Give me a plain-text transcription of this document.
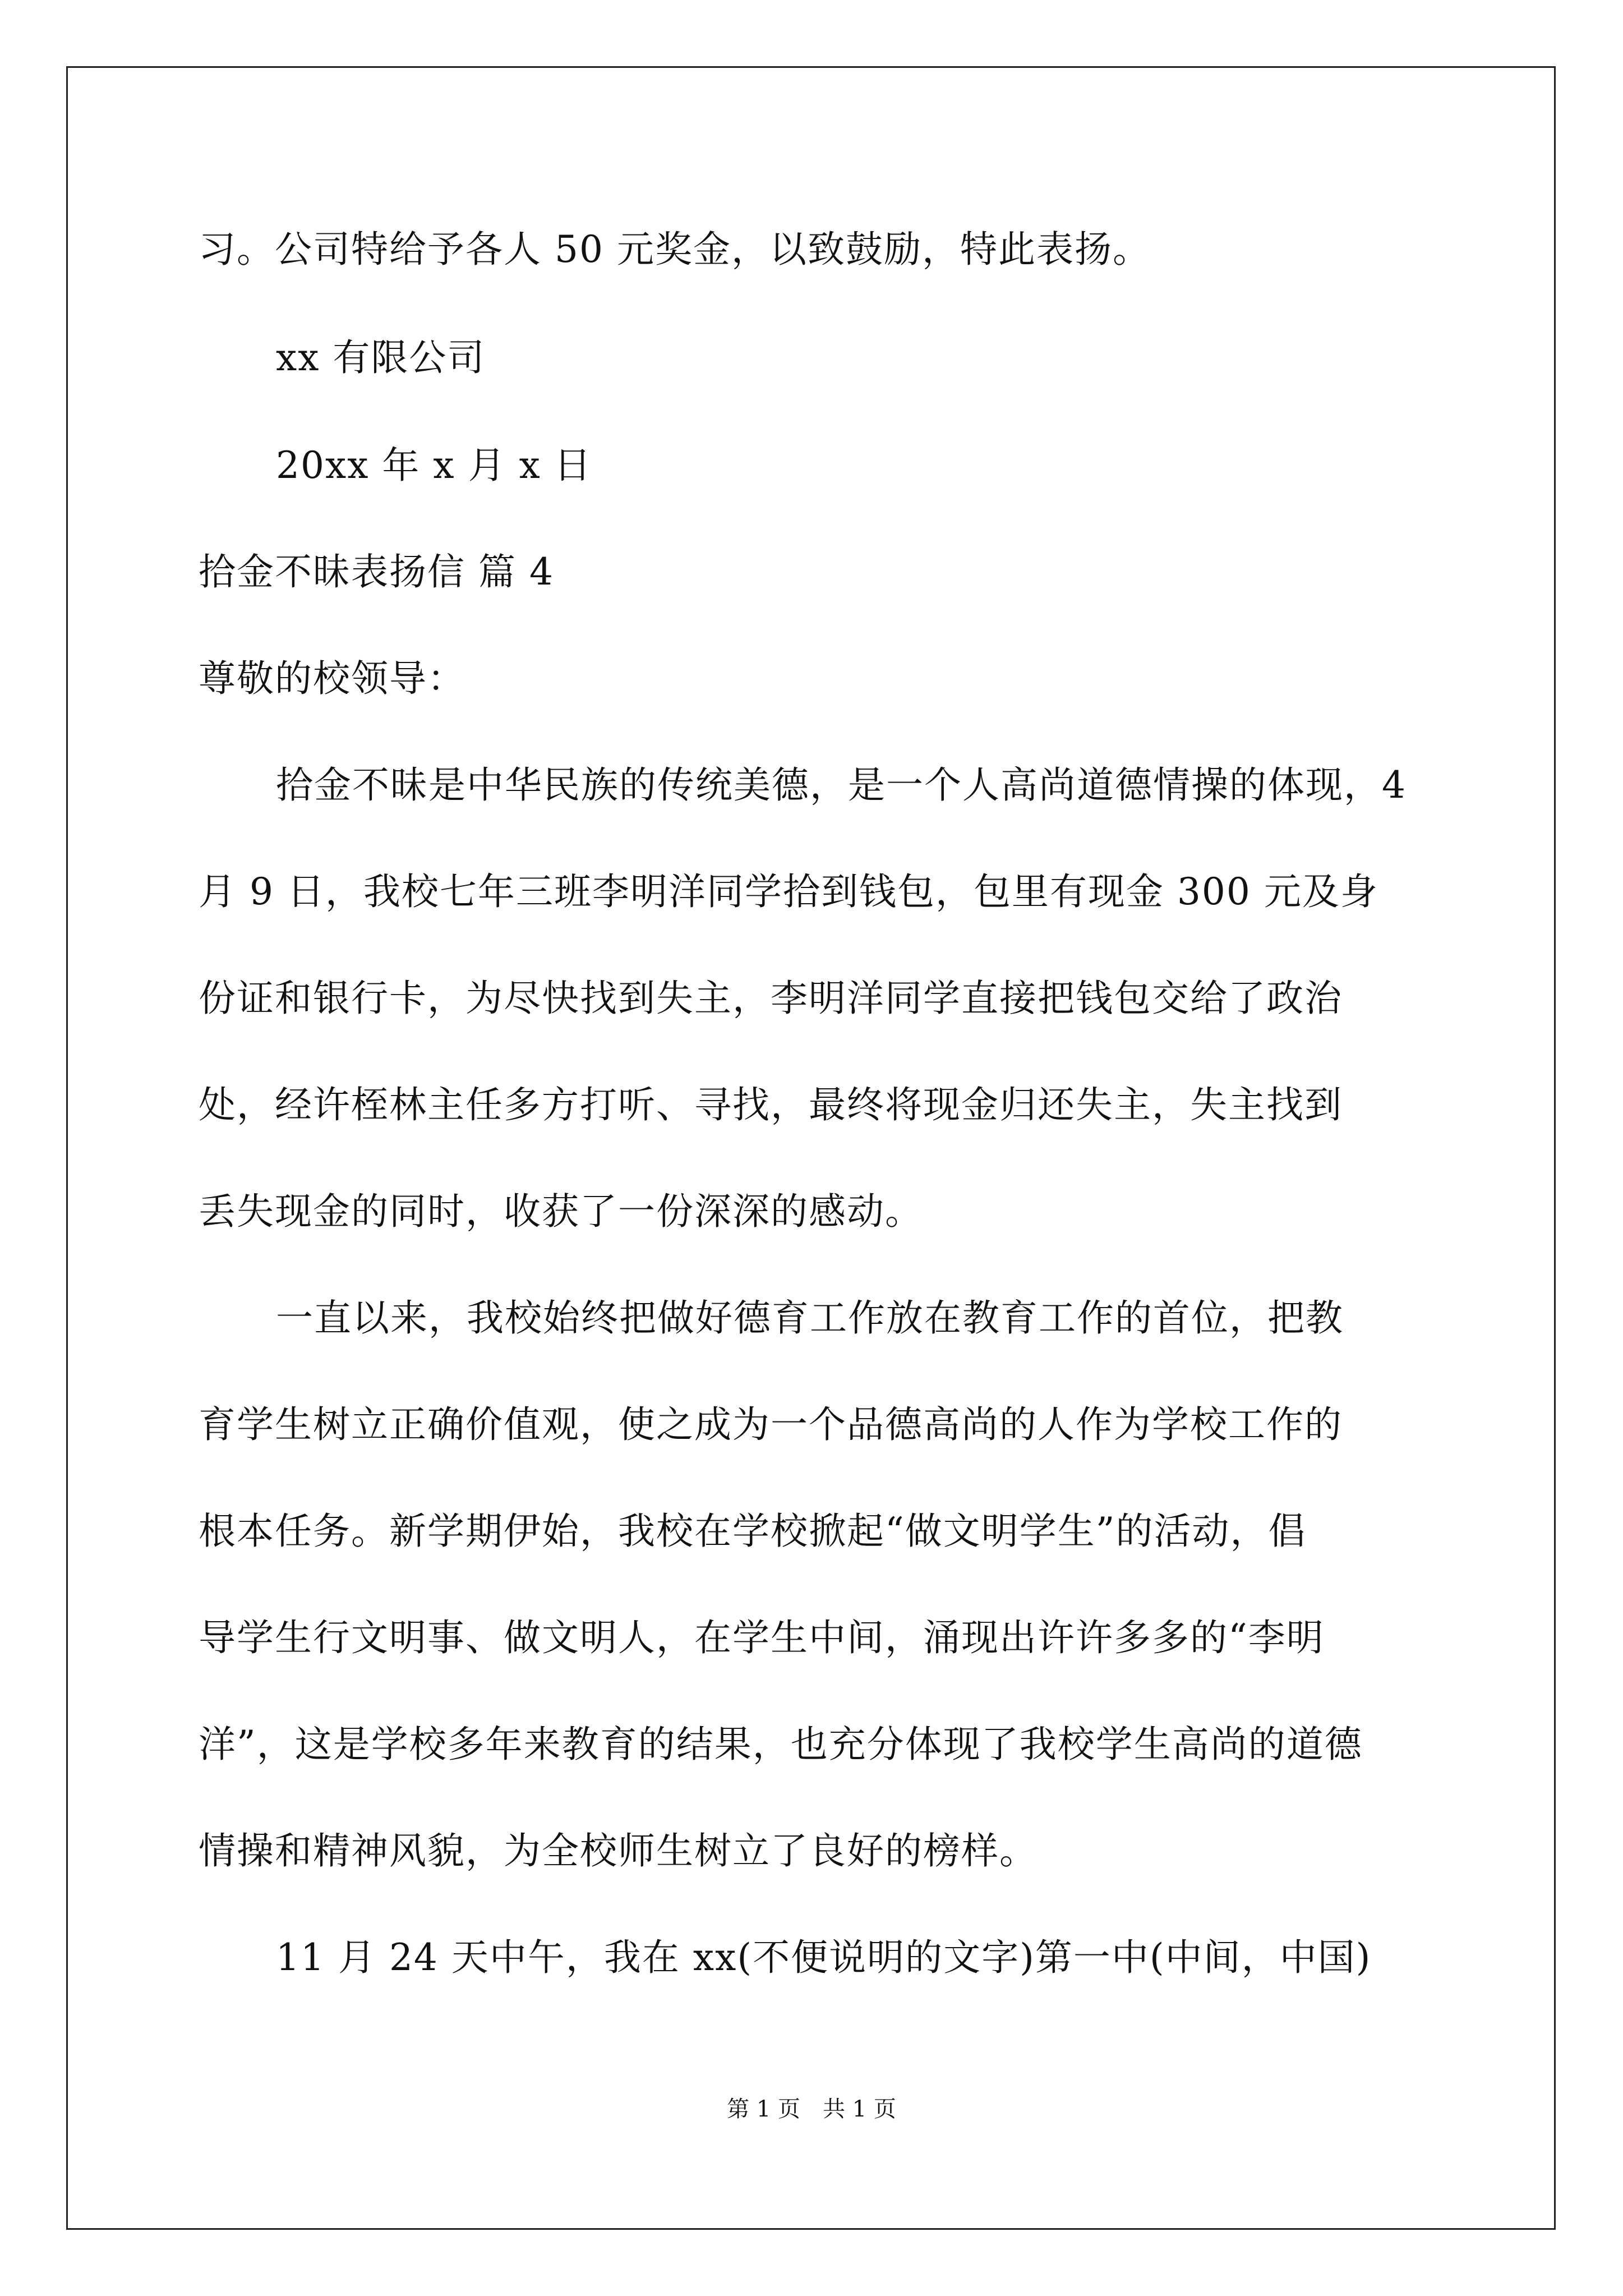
习。公司特给予各人 50 元奖金，以致鼓励，特此表扬。
xx 有限公司
20xx 年 x 月 x 日
拾金不昧表扬信 篇 4
尊敬的校领导：
拾金不昧是中华民族的传统美德，是一个人高尚道德情操的体现，4
月 9 日，我校七年三班李明洋同学拾到钱包，包里有现金 300 元及身
份证和银行卡，为尽快找到失主，李明洋同学直接把钱包交给了政治
处，经许桎林主任多方打听、寻找，最终将现金归还失主，失主找到
丢失现金的同时，收获了一份深深的感动。
一直以来，我校始终把做好德育工作放在教育工作的首位，把教
育学生树立正确价值观，使之成为一个品德高尚的人作为学校工作的
根本任务。新学期伊始，我校在学校掀起“做文明学生”的活动，倡
导学生行文明事、做文明人，在学生中间，涌现出许许多多的“李明
洋”，这是学校多年来教育的结果，也充分体现了我校学生高尚的道德
情操和精神风貌，为全校师生树立了良好的榜样。
11 月 24 天中午，我在 xx(不便说明的文字)第一中(中间，中国)
第 1 页　共 1 页
